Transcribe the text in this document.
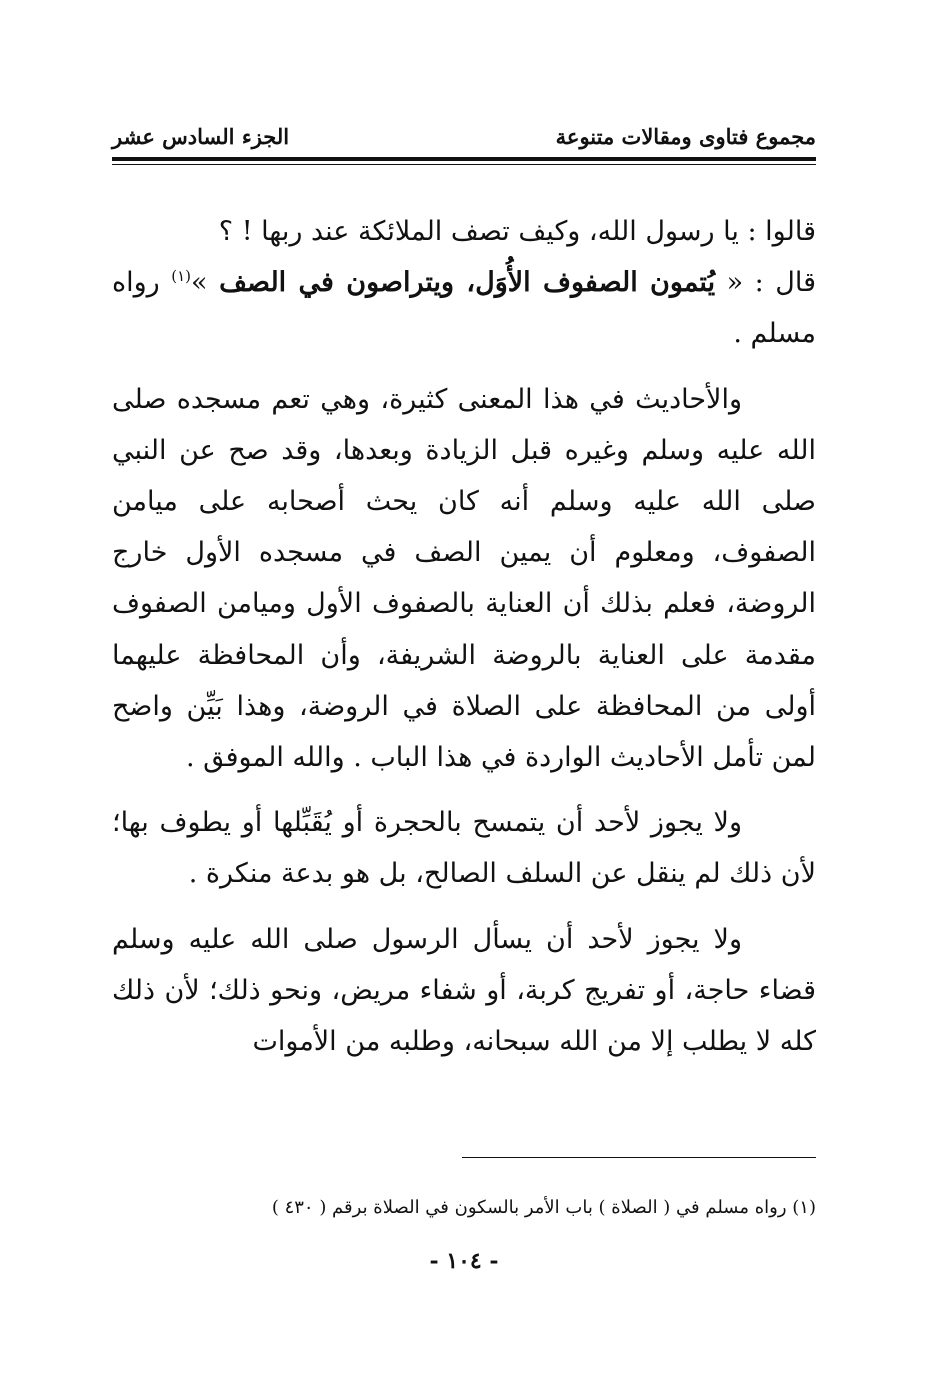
مجموع فتاوى ومقالات متنوعة
الجزء السادس عشر

قالوا : يا رسول الله، وكيف تصف الملائكة عند ربها ! ؟
قال : « يُتمون الصفوف الأُوَل، ويتراصون في الصف »$^{(١)}$ رواه مسلم .

والأحاديث في هذا المعنى كثيرة، وهي تعم مسجده صلى الله عليه وسلم وغيره قبل الزيادة وبعدها، وقد صح عن النبي صلى الله عليه وسلم أنه كان يحث أصحابه على ميامن الصفوف، ومعلوم أن يمين الصف في مسجده الأول خارج الروضة، فعلم بذلك أن العناية بالصفوف الأول وميامن الصفوف مقدمة على العناية بالروضة الشريفة، وأن المحافظة عليهما أولى من المحافظة على الصلاة في الروضة، وهذا بَيِّن واضح لمن تأمل الأحاديث الواردة في هذا الباب . والله الموفق .

ولا يجوز لأحد أن يتمسح بالحجرة أو يُقَبِّلها أو يطوف بها؛ لأن ذلك لم ينقل عن السلف الصالح، بل هو بدعة منكرة .

ولا يجوز لأحد أن يسأل الرسول صلى الله عليه وسلم قضاء حاجة، أو تفريج كربة، أو شفاء مريض، ونحو ذلك؛ لأن ذلك كله لا يطلب إلا من الله سبحانه، وطلبه من الأموات

(١) رواه مسلم في ( الصلاة ) باب الأمر بالسكون في الصلاة برقم ( ٤٣٠ )
- ١٠٤ -
